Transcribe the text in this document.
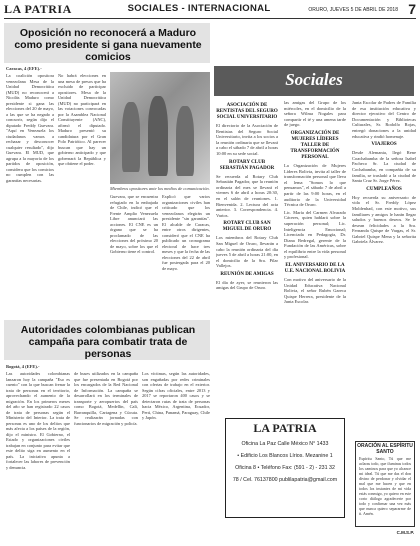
LA PATRIA	SOCIALES - INTERNACIONAL	ORURO, JUEVES 5 DE ABRIL DE 2018 7
Oposición no reconocerá a Maduro como presidente si gana nuevamente comicios
Caracas, 4 (EFE).-
La coalición opositora venezolana Mesa de la Unidad Democrática (MUD) no reconocerá a Nicolás Maduro como presidente si gana las elecciones del 20 de mayo, a las que se ha negado a concurrir, según dijo el diputado Freddy Guevara. "Aquí en Venezuela los ciudadanos vamos a rechazar y desconocer cualquier resultado", dijo Guevara. El MUD, que agrupa a la mayoría de los partidos de oposición, considera que los comicios no cumplen con las garantías necesarias.
No habrá elecciones en una mesa de presos que ha excluido de participar opositores. Mesa de la Unidad Democrática (MUD) no participará en las votaciones convocadas por la Asamblea Nacional Constituyente (ANC), afirmó el diputado. Maduro presentó su candidatura por el Gran Polo Patriótico. Al parecer buscan que hay un gobierno anticipado y que gobernará la República y que obtiene el poder.
Miembros opositores ante los medios de comunicación.
Guevara, que se encuentra refugiado en la embajada de Chile, indicó que el Frente Amplio Venezuela Libre anunciará las acciones. El CNE es un órgano que se ha proclamado de las elecciones del próximo 20 de mayo, sobre los que el Gobierno tiene el control.
Explicó que varios organizaciones civiles han criticado que los venezolanos elegirán un presidente "sin garantías". El alcalde de Caracas, entre otros dirigentes, consideró que el CNE ha publicado un cronograma electoral de hace tres meses y que la fecha de las elecciones del 22 de abril fue postergada para el 20 de mayo.
Autoridades colombianas publican campaña para combatir trata de personas
Bogotá, 4 (EFE).-
Las autoridades colombianas lanzaron hoy la campaña "Eso es cuento" con la que buscan frenar la trata de personas en el territorio, aprovechando el aumento de la migración. En los primeros meses del año se han registrado 22 casos de trata de personas según el Ministerio del Interior. La trata de personas es uno de los delitos que más afecta a los países de la región, dijo el ministro. El Gobierno, el Estado y organizaciones civiles trabajan en conjunto para evitar que este delito siga en aumento en el país. La iniciativa apunta a fortalecer las labores de prevención y denuncia.
de buses utilizados en la campaña que fue presentada en Bogotá por los encargados de la Red Nacional de Información. La campaña se desarrollará en los terminales de transporte y aeropuertos del país como Bogotá, Medellín, Cali, Barranquilla, Cartagena y Cúcuta. Se realizarán jornadas con funcionarios de migración y policía.
Los víctimas, según las autoridades, son engañadas por redes criminales con ofertas de trabajo en el exterior. Según cifras oficiales, entre 2013 y 2017 se reportaron 400 casos y se detectaron rutas de trata de personas hacia México, Argentina, Ecuador, Perú, China, Panamá, Paraguay, Chile y Japón.
Sociales
ASOCIACIÓN DE RENTISTAS DEL SEGURO SOCIAL UNIVERSITARIO
El directorio de la Asociación de Rentistas del Seguro Social Universitario, invita a los socios a la reunión ordinaria que se llevará a cabo el sábado 7 de abril a horas 10:00 en su sede social.
ROTARY CLUB SEBASTIÁN PAGADOR
Se recuerda al Rotary Club Sebastián Pagador, que la reunión ordinaria del mes se llevará el viernes 6 de abril a horas 20:30, en el salón de reuniones. 1. Bienvenida. 2. Lectura del acta anterior. 3. Correspondencia. 4. Varios.
ROTARY CLUB SAN MIGUEL DE ORURO
Los miembros del Rotary Club San Miguel de Oruro, llevarán a cabo la reunión ordinaria del día jueves 5 de abril a horas 21:00, en el domicilio de la Sra. Pilar Vallejos.
REUNIÓN DE AMIGAS
El día de ayer, se reunieron las amigas del Grupo de Oruro.
las amigas del Grupo de los miércoles, en el domicilio de la señora Wilma Nogales para compartir el té y una amena tarde de juego.
ORGANIZACIÓN DE MUJERES LÍDERES TALLER DE TRANSFORMACIÓN PERSONAL
La Organización de Mujeres Líderes Bolivia, invita al taller de transformación personal que lleva el lema "Somos lo que pensamos", el sábado 7 de abril a partir de las 9:00 horas, en el auditorio de la Universidad Técnica de Oruro.
Lic. María del Carmen Alvarado Cáceres, quien hablará sobre la superación personal; Lic. Inteligencia Emocional; Licenciada en Pedagogía, Dr. Diana Bedregal, gerente de la Fundación de las Américas, sobre el equilibrio entre la vida personal y profesional.
EL ANIVERSARIO DE LA U.E. NACIONAL BOLIVIA
Con motivo del aniversario de la Unidad Educativa Nacional Bolivia, el señor Rubén Gareca Quispe Herrera, presidente de la Junta Escolar.
Junta Escolar de Padres de Familia de esa institución educativa y director ejecutivo del Centro de Documentación y Bibliotecas Culturales, Sr. Rodolfo Rojas, entregó donaciones a la unidad educativa y rindió homenaje.
VIAJEROS
Desde Alemania, llegó Rene Coachabamba de la señora Isabel Pacheco Sr. La ciudad de Cochabamba, en compañía de su familia, se trasladó a la ciudad de Santa Cruz Sr. Jorge Pérez.
CUMPLEAÑOS
Hoy recuerda su aniversario de vida el Sr. Freddy López Moldenhad, con este motivo, sus familiares y amigos le harán llegar saludos y buenos deseos. Se le desean felicidades a la Sra. Fernanda Quispe de Vargas, el Sr. Gabriel Quispe Mena y la señorita Gabriela Álvarez.
LA PATRIA
Oficina La Paz Calle México N° 1433
• Edificio Los Blancos Lírios. Mezanine 1
Oficina 8 • Teléfono Fax: (591 - 2) - 231 32
78 / Cel. 76137800 publilapatria@gmail.com
ORACIÓN AL ESPÍRITU SANTO
Espíritu Santo, Tú que me aclaras todo, que iluminas todos los caminos para que yo alcance mi ideal. Tú que me das el don divino de perdonar y olvidar el mal que me hacen y que en todos los instantes de mi vida estás conmigo, yo quiero en este corto diálogo agradecerte por todo y confirmar una vez más que nunca quiero separarme de ti. Amén.
C.M.S.P.
